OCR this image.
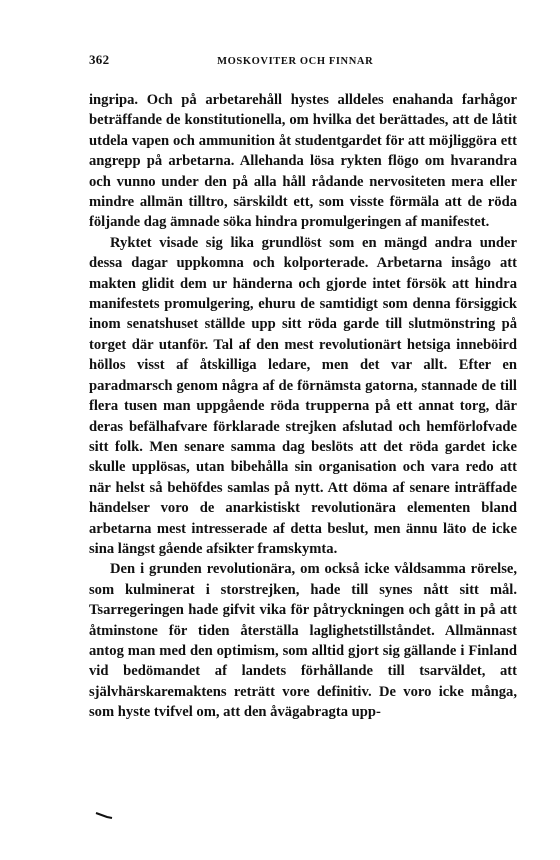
362	MOSKOVITER OCH FINNAR

ingripa. Och på arbetarehåll hystes alldeles enahanda farhågor beträffande de konstitutionella, om hvilka det berättades, att de låtit utdela vapen och ammunition åt studentgardet för att möjliggöra ett angrepp på arbetarna. Allehanda lösa rykten flögo om hvarandra och vunno under den på alla håll rådande nervositeten mera eller mindre allmän tilltro, särskildt ett, som visste förmäla att de röda följande dag ämnade söka hindra promulgeringen af manifestet.

Ryktet visade sig lika grundlöst som en mängd andra under dessa dagar uppkomna och kolporterade. Arbetarna insågo att makten glidit dem ur händerna och gjorde intet försök att hindra manifestets promulgering, ehuru de samtidigt som denna försiggick inom senatshuset ställde upp sitt röda garde till slutmönstring på torget där utanför. Tal af den mest revolutionärt hetsiga inneböird höllos visst af åtskilliga ledare, men det var allt. Efter en paradmarsch genom några af de förnämsta gatorna, stannade de till flera tusen man uppgående röda trupperna på ett annat torg, där deras befälhafvare förklarade strejken afslutad och hemförlofvade sitt folk. Men senare samma dag beslöts att det röda gardet icke skulle upplösas, utan bibehålla sin organisation och vara redo att när helst så behöfdes samlas på nytt. Att döma af senare inträffade händelser voro de anarkistiskt revolutionära elementen bland arbetarna mest intresserade af detta beslut, men ännu läto de icke sina längst gående afsikter framskymta.

Den i grunden revolutionära, om också icke våldsamma rörelse, som kulminerat i storstrejken, hade till synes nått sitt mål. Tsarregeringen hade gifvit vika för påtryckningen och gått in på att åtminstone för tiden återställa laglighetstillståndet. Allmännast antog man med den optimism, som alltid gjort sig gällande i Finland vid bedömandet af landets förhållande till tsarväldet, att självhärskaremaktens reträtt vore definitiv. De voro icke många, som hyste tvifvel om, att den åvägabragta upp-
